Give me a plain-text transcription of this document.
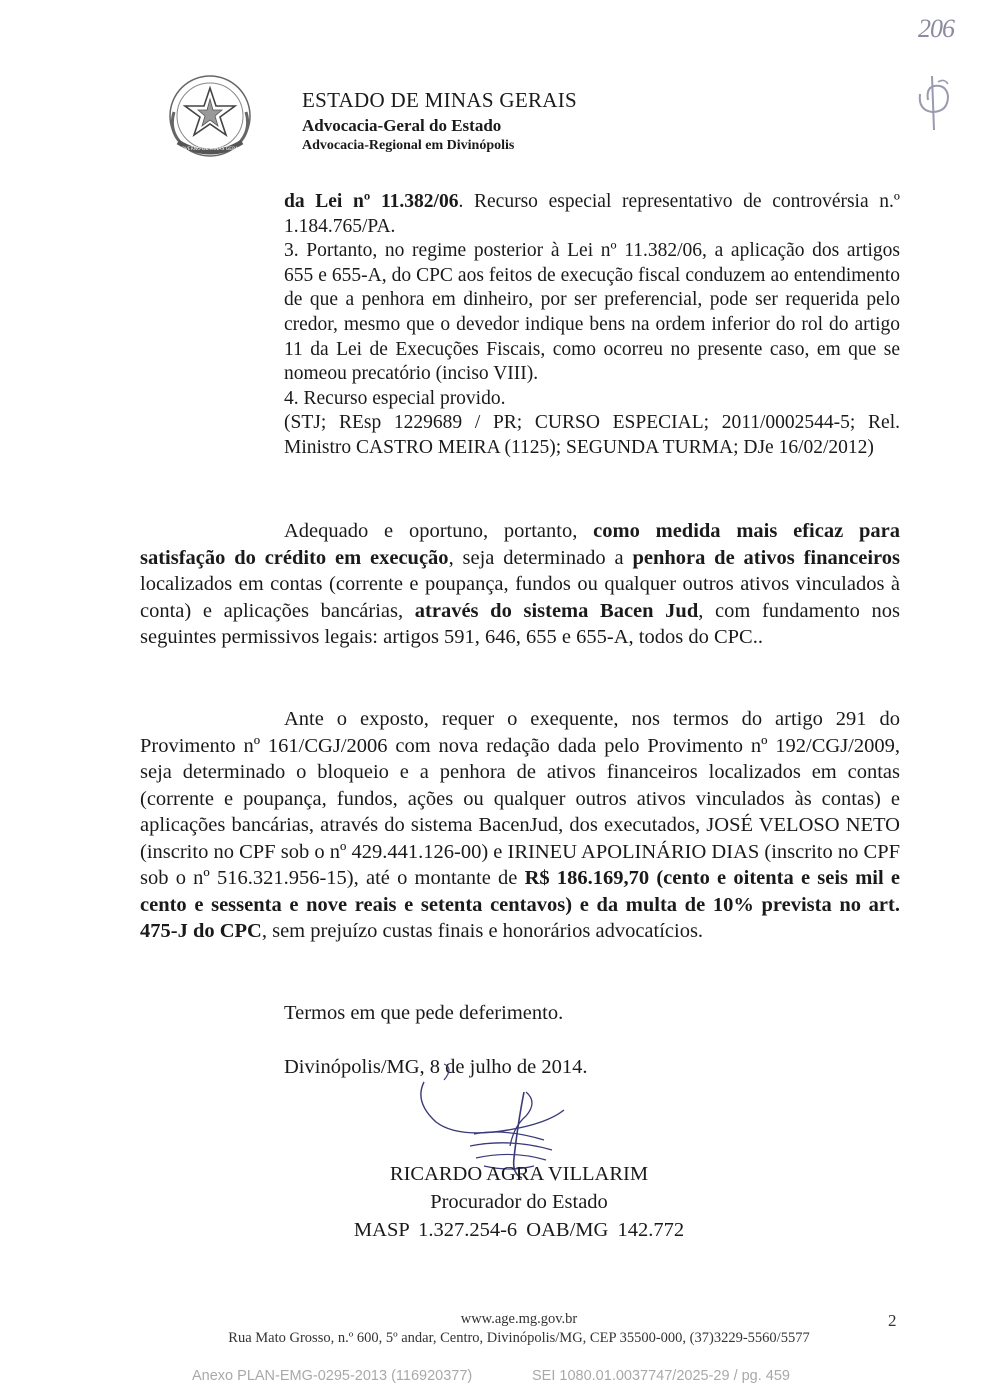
GOVERNO DE MINAS GERAIS
ESTADO DE MINAS GERAIS
Advocacia-Geral do Estado
Advocacia-Regional em Divinópolis
206

da Lei nº 11.382/06. Recurso especial representativo de controvérsia n.º 1.184.765/PA.

3. Portanto, no regime posterior à Lei nº 11.382/06, a aplicação dos artigos 655 e 655-A, do CPC aos feitos de execução fiscal conduzem ao entendimento de que a penhora em dinheiro, por ser preferencial, pode ser requerida pelo credor, mesmo que o devedor indique bens na ordem inferior do rol do artigo 11 da Lei de Execuções Fiscais, como ocorreu no presente caso, em que se nomeou precatório (inciso VIII).

4. Recurso especial provido.

(STJ; REsp 1229689 / PR; CURSO ESPECIAL; 2011/0002544-5; Rel. Ministro CASTRO MEIRA (1125); SEGUNDA TURMA; DJe 16/02/2012)

Adequado e oportuno, portanto, como medida mais eficaz para satisfação do crédito em execução, seja determinado a penhora de ativos financeiros localizados em contas (corrente e poupança, fundos ou qualquer outros ativos vinculados à conta) e aplicações bancárias, através do sistema Bacen Jud, com fundamento nos seguintes permissivos legais: artigos 591, 646, 655 e 655-A, todos do CPC..

Ante o exposto, requer o exequente, nos termos do artigo 291 do Provimento nº 161/CGJ/2006 com nova redação dada pelo Provimento nº 192/CGJ/2009, seja determinado o bloqueio e a penhora de ativos financeiros localizados em contas (corrente e poupança, fundos, ações ou qualquer outros ativos vinculados às contas) e aplicações bancárias, através do sistema BacenJud, dos executados, JOSÉ VELOSO NETO (inscrito no CPF sob o nº 429.441.126-00) e IRINEU APOLINÁRIO DIAS (inscrito no CPF sob o nº 516.321.956-15), até o montante de R$ 186.169,70 (cento e oitenta e seis mil e cento e sessenta e nove reais e setenta centavos) e da multa de 10% prevista no art. 475-J do CPC, sem prejuízo custas finais e honorários advocatícios.

Termos em que pede deferimento.
Divinópolis/MG, 8 de julho de 2014.
RICARDO AGRA VILLARIM
Procurador do Estado
MASP 1.327.254-6 OAB/MG 142.772
www.age.mg.gov.br
Rua Mato Grosso, n.º 600, 5º andar, Centro, Divinópolis/MG, CEP 35500-000, (37)3229-5560/5577
2
Anexo PLAN-EMG-0295-2013 (116920377)	SEI 1080.01.0037747/2025-29 / pg. 459
